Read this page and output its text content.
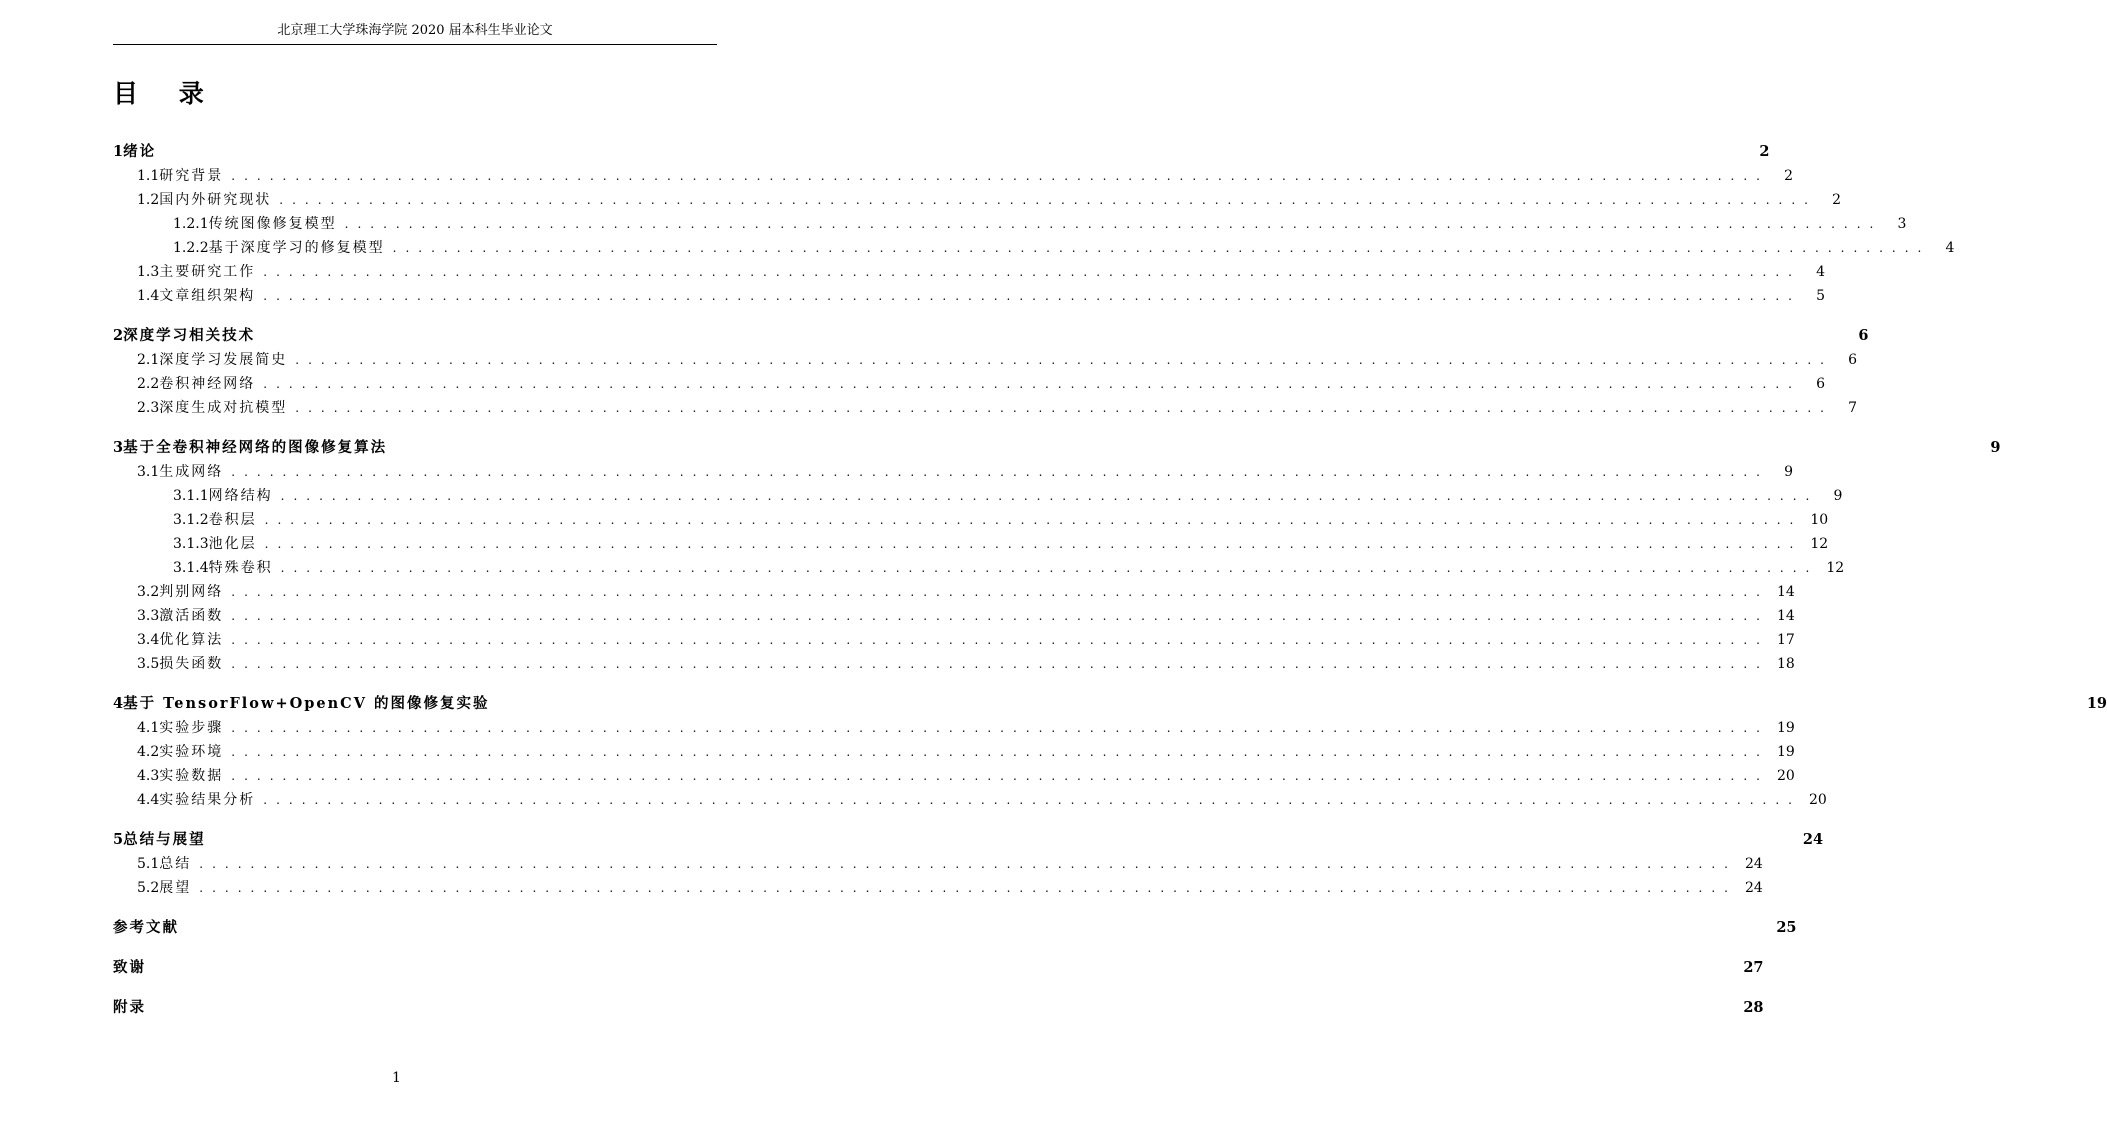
北京理工大学珠海学院 2020 届本科生毕业论文
目 录
1 绪论	2
1.1 研究背景 ........................................................................................................................	2
1.2 国内外研究现状 ........................................................................................................................	2
1.2.1 传统图像修复模型 ........................................................................................................................	3
1.2.2 基于深度学习的修复模型 ........................................................................................................................	4
1.3 主要研究工作 ........................................................................................................................	4
1.4 文章组织架构 ........................................................................................................................	5
2 深度学习相关技术	6
2.1 深度学习发展简史 ........................................................................................................................	6
2.2 卷积神经网络 ........................................................................................................................	6
2.3 深度生成对抗模型 ........................................................................................................................	7
3 基于全卷积神经网络的图像修复算法	9
3.1 生成网络 ........................................................................................................................	9
3.1.1 网络结构 ........................................................................................................................	9
3.1.2 卷积层 ........................................................................................................................ 10
3.1.3 池化层 ........................................................................................................................ 12
3.1.4 特殊卷积 ........................................................................................................................ 12
3.2 判别网络 ........................................................................................................................ 14
3.3 激活函数 ........................................................................................................................ 14
3.4 优化算法 ........................................................................................................................ 17
3.5 损失函数 ........................................................................................................................ 18
4 基于 TensorFlow+OpenCV 的图像修复实验	19
4.1 实验步骤 ........................................................................................................................ 19
4.2 实验环境 ........................................................................................................................ 19
4.3 实验数据 ........................................................................................................................ 20
4.4 实验结果分析 ........................................................................................................................ 20
5 总结与展望	24
5.1 总结 ........................................................................................................................ 24
5.2 展望 ........................................................................................................................ 24
参考文献	25
致谢	27
附录	28
1
